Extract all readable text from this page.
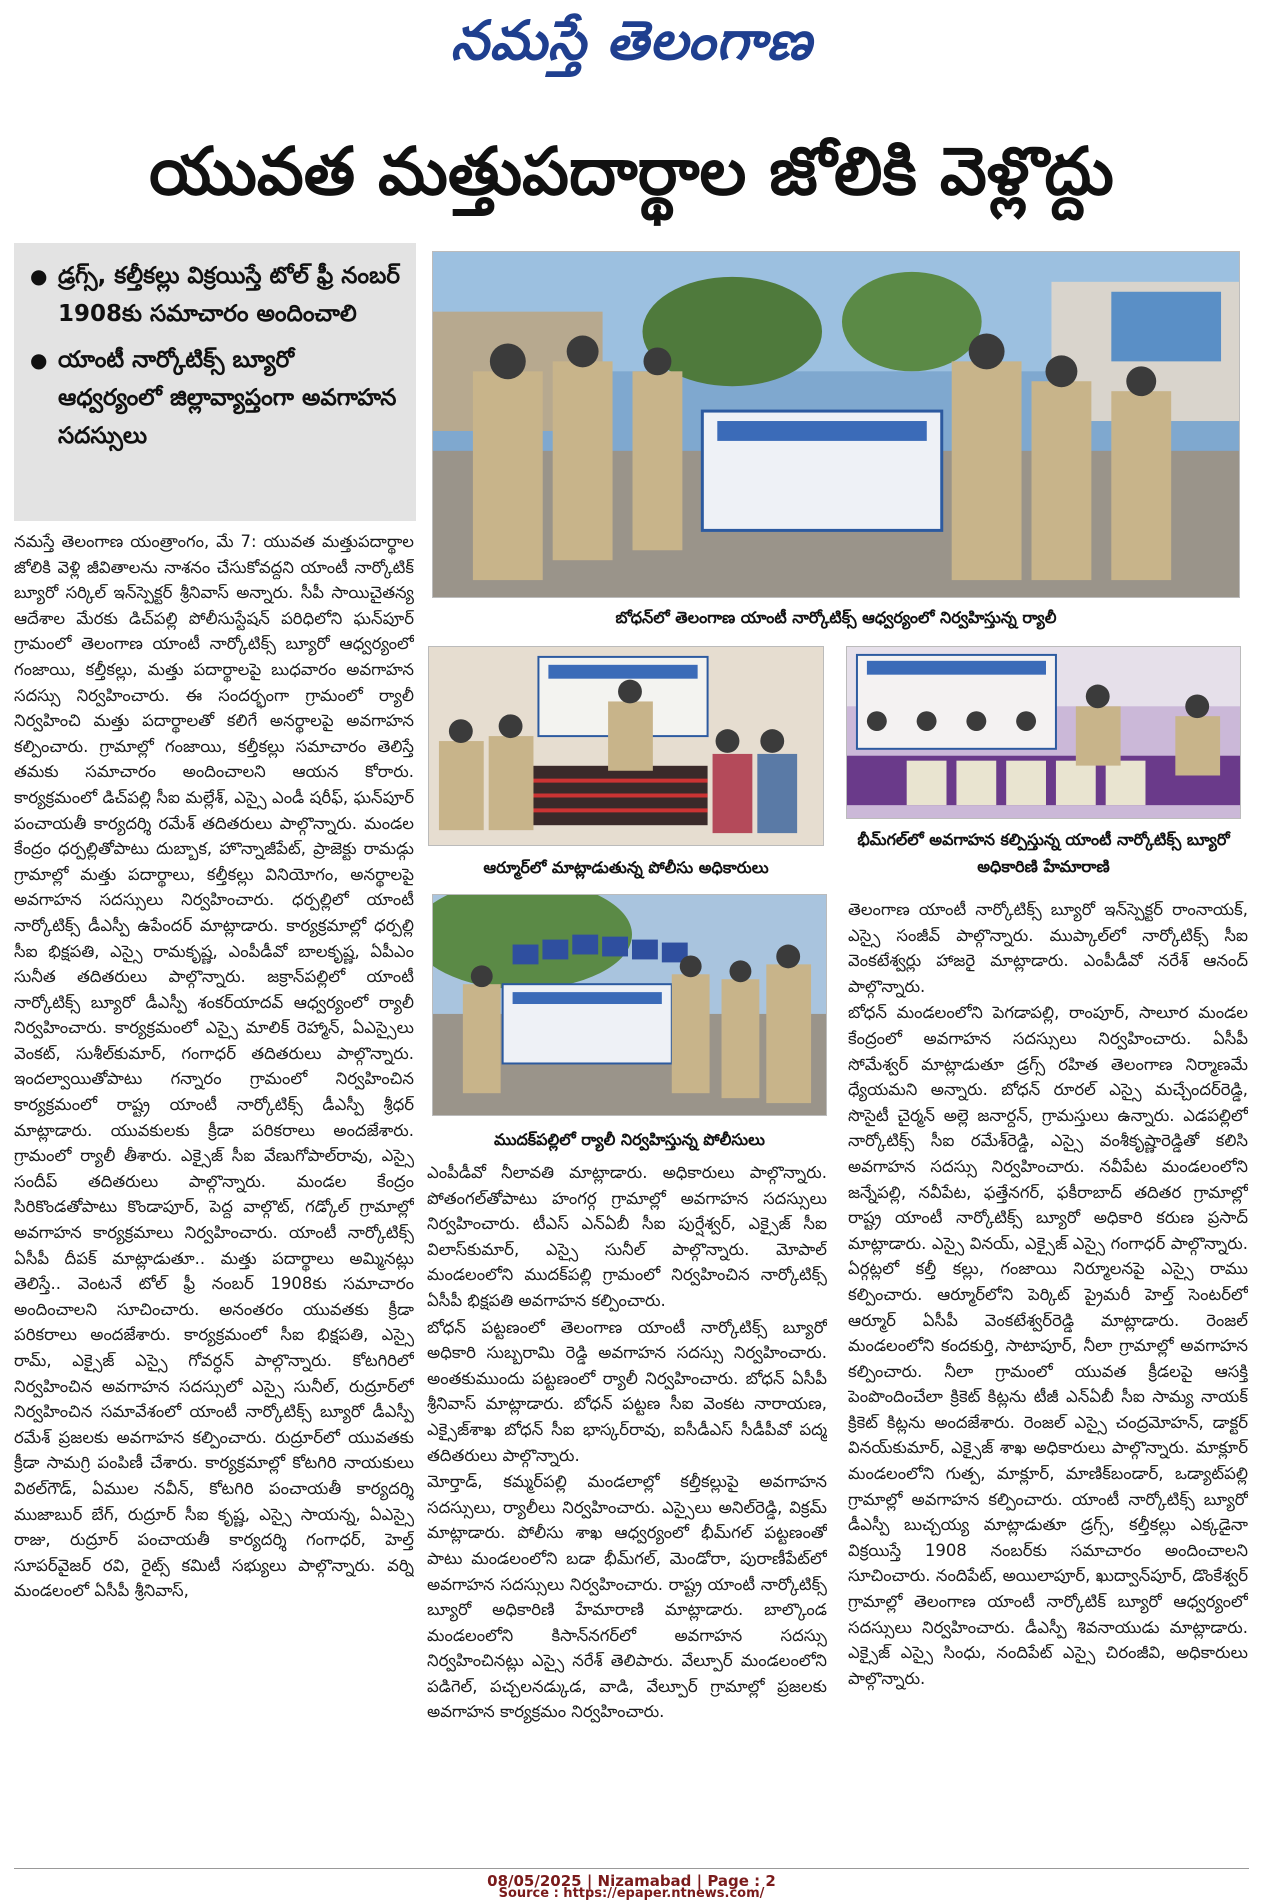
నమస్తే తెలంగాణ
యువత మత్తుపదార్థాల జోలికి వెళ్లొద్దు
● డ్రగ్స్, కల్తీకల్లు విక్రయిస్తే టోల్ ఫ్రీ నంబర్ 1908కు సమాచారం అందించాలి
● యాంటీ నార్కోటిక్స్ బ్యూరో ఆధ్వర్యంలో జిల్లావ్యాప్తంగా అవగాహన సదస్సులు
బోధన్‌లో తెలంగాణ యాంటీ నార్కోటిక్స్ ఆధ్వర్యంలో నిర్వహిస్తున్న ర్యాలీ
ఆర్మూర్‌లో మాట్లాడుతున్న పోలీసు అధికారులు
భీమ్‌గల్‌లో అవగాహన కల్పిస్తున్న యాంటీ నార్కోటిక్స్ బ్యూరో అధికారిణి హేమారాణి
ముదక్‌పల్లిలో ర్యాలీ నిర్వహిస్తున్న పోలీసులు

నమస్తే తెలంగాణ యంత్రాంగం, మే 7: యువత మత్తుపదార్థాల జోలికి వెళ్లి జీవితాలను నాశనం చేసుకోవద్దని యాంటీ నార్కోటిక్ బ్యూరో సర్కిల్ ఇన్‌స్పెక్టర్ శ్రీనివాస్ అన్నారు. సీపీ సాయిచైతన్య ఆదేశాల మేరకు డిచ్‌పల్లి పోలీసుస్టేషన్ పరిధిలోని ఘన్‌పూర్ గ్రామంలో తెలంగాణ యాంటీ నార్కోటిక్స్ బ్యూరో ఆధ్వర్యంలో గంజాయి, కల్తీకల్లు, మత్తు పదార్థాలపై బుధవారం అవగాహన సదస్సు నిర్వహించారు. ఈ సందర్భంగా గ్రామంలో ర్యాలీ నిర్వహించి మత్తు పదార్థాలతో కలిగే అనర్థాలపై అవగాహన కల్పించారు. గ్రామాల్లో గంజాయి, కల్తీకల్లు సమాచారం తెలిస్తే తమకు సమాచారం అందించాలని ఆయన కోరారు. కార్యక్రమంలో డిచ్‌పల్లి సీఐ మల్లేశ్, ఎస్సై ఎండీ షరీఫ్, ఘన్‌పూర్ పంచాయతీ కార్యదర్శి రమేశ్ తదితరులు పాల్గొన్నారు. మండల కేంద్రం ధర్పల్లితోపాటు దుబ్బాక, హొన్నాజీపేట్, ప్రాజెక్టు రామడ్గు గ్రామాల్లో మత్తు పదార్థాలు, కల్తీకల్లు వినియోగం, అనర్థాలపై అవగాహన సదస్సులు నిర్వహించారు. ధర్పల్లిలో యాంటీ నార్కోటిక్స్ డీఎస్పీ ఉపేందర్ మాట్లాడారు. కార్యక్రమాల్లో ధర్పల్లి సీఐ భిక్షపతి, ఎస్సై రామకృష్ణ, ఎంపీడీవో బాలకృష్ణ, ఏపీఎం సునీత తదితరులు పాల్గొన్నారు. జక్రాన్‌పల్లిలో యాంటీ నార్కోటిక్స్ బ్యూరో డీఎస్పీ శంకర్‌యాదవ్ ఆధ్వర్యంలో ర్యాలీ నిర్వహించారు. కార్యక్రమంలో ఎస్సై మాలిక్ రెహ్మాన్, ఏఎస్సైలు వెంకట్, సుశీల్‌కుమార్, గంగాధర్ తదితరులు పాల్గొన్నారు. ఇందల్వాయితోపాటు గన్నారం గ్రామంలో నిర్వహించిన కార్యక్రమంలో రాష్ట్ర యాంటీ నార్కోటిక్స్ డీఎస్పీ శ్రీధర్ మాట్లాడారు. యువకులకు క్రీడా పరికరాలు అందజేశారు. గ్రామంలో ర్యాలీ తీశారు. ఎక్సైజ్ సీఐ వేణుగోపాల్‌రావు, ఎస్సై సందీప్ తదితరులు పాల్గొన్నారు. మండల కేంద్రం సిరికొండతోపాటు కొండాపూర్, పెద్ద వాల్గొట్, గడ్కోల్ గ్రామాల్లో అవగాహన కార్యక్రమాలు నిర్వహించారు. యాంటీ నార్కోటిక్స్ ఏసీపీ దీపక్ మాట్లాడుతూ.. మత్తు పదార్థాలు అమ్మినట్లు తెలిస్తే.. వెంటనే టోల్ ఫ్రీ నంబర్ 1908కు సమాచారం అందించాలని సూచించారు. అనంతరం యువతకు క్రీడా పరికరాలు అందజేశారు. కార్యక్రమంలో సీఐ భిక్షపతి, ఎస్సై రామ్, ఎక్సైజ్ ఎస్సై గోవర్ధన్ పాల్గొన్నారు. కోటగిరిలో నిర్వహించిన అవగాహన సదస్సులో ఎస్సై సునీల్, రుద్రూర్‌లో నిర్వహించిన సమావేశంలో యాంటీ నార్కోటిక్స్ బ్యూరో డీఎస్పీ రమేశ్ ప్రజలకు అవగాహన కల్పించారు. రుద్రూర్‌లో యువతకు క్రీడా సామగ్రి పంపిణీ చేశారు. కార్యక్రమాల్లో కోటగిరి నాయకులు విఠల్‌గౌడ్, ఏముల నవీన్, కోటగిరి పంచాయతీ కార్యదర్శి ముజాబుర్ బేగ్, రుద్రూర్ సీఐ కృష్ణ, ఎస్సై సాయన్న, ఏఎస్సై రాజు, రుద్రూర్ పంచాయతీ కార్యదర్శి గంగాధర్, హెల్త్ సూపర్‌వైజర్ రవి, రైట్స్ కమిటీ సభ్యులు పాల్గొన్నారు. వర్ని మండలంలో ఏసీపీ శ్రీనివాస్,

ఎంపీడీవో నీలావతి మాట్లాడారు. అధికారులు పాల్గొన్నారు. పోతంగల్‌తోపాటు హంగర్గ గ్రామాల్లో అవగాహన సదస్సులు నిర్వహించారు. టీఎస్ ఎన్‌ఏబీ సీఐ పుర్షేశ్వర్, ఎక్సైజ్ సీఐ విలాస్‌కుమార్, ఎస్సై సునీల్ పాల్గొన్నారు. మోపాల్ మండలంలోని ముదక్‌పల్లి గ్రామంలో నిర్వహించిన నార్కోటిక్స్ ఏసీపీ భిక్షపతి అవగాహన కల్పించారు.

బోధన్ పట్టణంలో తెలంగాణ యాంటీ నార్కోటిక్స్ బ్యూరో అధికారి సుబ్బరామి రెడ్డి అవగాహన సదస్సు నిర్వహించారు. అంతకుముందు పట్టణంలో ర్యాలీ నిర్వహించారు. బోధన్ ఏసీపీ శ్రీనివాస్ మాట్లాడారు. బోధన్ పట్టణ సీఐ వెంకట నారాయణ, ఎక్సైజ్‌శాఖ బోధన్ సీఐ భాస్కర్‌రావు, ఐసీడీఎస్ సీడీపీవో పద్మ తదితరులు పాల్గొన్నారు.

మోర్తాడ్, కమ్మర్‌పల్లి మండలాల్లో కల్తీకల్లుపై అవగాహన సదస్సులు, ర్యాలీలు నిర్వహించారు. ఎస్సైలు అనిల్‌రెడ్డి, విక్రమ్ మాట్లాడారు. పోలీసు శాఖ ఆధ్వర్యంలో భీమ్‌గల్ పట్టణంతో పాటు మండలంలోని బడా భీమ్‌గల్, మెండోరా, పురాణీపేట్‌లో అవగాహన సదస్సులు నిర్వహించారు. రాష్ట్ర యాంటీ నార్కోటిక్స్ బ్యూరో అధికారిణి హేమారాణి మాట్లాడారు. బాల్కొండ మండలంలోని కిసాన్‌నగర్‌లో అవగాహన సదస్సు నిర్వహించినట్లు ఎస్సై నరేశ్ తెలిపారు. వేల్పూర్ మండలంలోని పడిగెల్, పచ్చలనడ్కుడ, వాడి, వేల్పూర్ గ్రామాల్లో ప్రజలకు అవగాహన కార్యక్రమం నిర్వహించారు.

తెలంగాణ యాంటీ నార్కోటిక్స్ బ్యూరో ఇన్‌స్పెక్టర్ రాంనాయక్, ఎస్సై సంజీవ్ పాల్గొన్నారు. ముప్కాల్‌లో నార్కోటిక్స్ సీఐ వెంకటేశ్వర్లు హాజరై మాట్లాడారు. ఎంపీడీవో నరేశ్ ఆనంద్ పాల్గొన్నారు.

బోధన్ మండలంలోని పెగడాపల్లి, రాంపూర్, సాలూర మండల కేంద్రంలో అవగాహన సదస్సులు నిర్వహించారు. ఏసీపీ సోమేశ్వర్ మాట్లాడుతూ డ్రగ్స్ రహిత తెలంగాణ నిర్మాణమే ధ్యేయమని అన్నారు. బోధన్ రూరల్ ఎస్సై మచ్చేందర్‌రెడ్డి, సొసైటీ చైర్మన్ అల్లె జనార్దన్, గ్రామస్తులు ఉన్నారు. ఎడపల్లిలో నార్కోటిక్స్ సీఐ రమేశ్‌రెడ్డి, ఎస్సై వంశీకృష్ణారెడ్డితో కలిసి అవగాహన సదస్సు నిర్వహించారు. నవీపేట మండలంలోని జన్నేపల్లి, నవీపేట, ఫత్తేనగర్, ఫకీరాబాద్ తదితర గ్రామాల్లో రాష్ట్ర యాంటీ నార్కోటిక్స్ బ్యూరో అధికారి కరుణ ప్రసాద్ మాట్లాడారు. ఎస్సై వినయ్, ఎక్సైజ్ ఎస్సై గంగాధర్ పాల్గొన్నారు. ఏర్గట్లలో కల్తీ కల్లు, గంజాయి నిర్మూలనపై ఎస్సై రాము కల్పించారు. ఆర్మూర్‌లోని పెర్కిట్ ప్రైమరీ హెల్త్ సెంటర్‌లో ఆర్మూర్ ఏసీపీ వెంకటేశ్వర్‌రెడ్డి మాట్లాడారు. రెంజల్ మండలంలోని కందకుర్తి, సాటాపూర్, నీలా గ్రామాల్లో అవగాహన కల్పించారు. నీలా గ్రామంలో యువత క్రీడలపై ఆసక్తి పెంపొందించేలా క్రికెట్ కిట్లను టీజీ ఎన్‌ఏబీ సీఐ సామ్య నాయక్ క్రికెట్ కిట్లను అందజేశారు. రెంజల్ ఎస్సై చంద్రమోహన్, డాక్టర్ వినయ్‌కుమార్, ఎక్సైజ్ శాఖ అధికారులు పాల్గొన్నారు. మాక్లూర్ మండలంలోని గుత్ప, మాక్లూర్, మాణిక్‌బండార్, ఒడ్యాట్‌పల్లి గ్రామాల్లో అవగాహన కల్పించారు. యాంటీ నార్కోటిక్స్ బ్యూరో డీఎస్పీ బుచ్చయ్య మాట్లాడుతూ డ్రగ్స్, కల్తీకల్లు ఎక్కడైనా విక్రయిస్తే 1908 నంబర్‌కు సమాచారం అందించాలని సూచించారు. నందిపేట్, అయిలాపూర్, ఖుద్వాన్‌పూర్, డొంకేశ్వర్ గ్రామాల్లో తెలంగాణ యాంటీ నార్కోటిక్ బ్యూరో ఆధ్వర్యంలో సదస్సులు నిర్వహించారు. డీఎస్పీ శివనాయుడు మాట్లాడారు. ఎక్సైజ్ ఎస్సై సింధు, నందిపేట్ ఎస్సై చిరంజీవి, అధికారులు పాల్గొన్నారు.

08/05/2025 | Nizamabad | Page : 2
Source : https://epaper.ntnews.com/
